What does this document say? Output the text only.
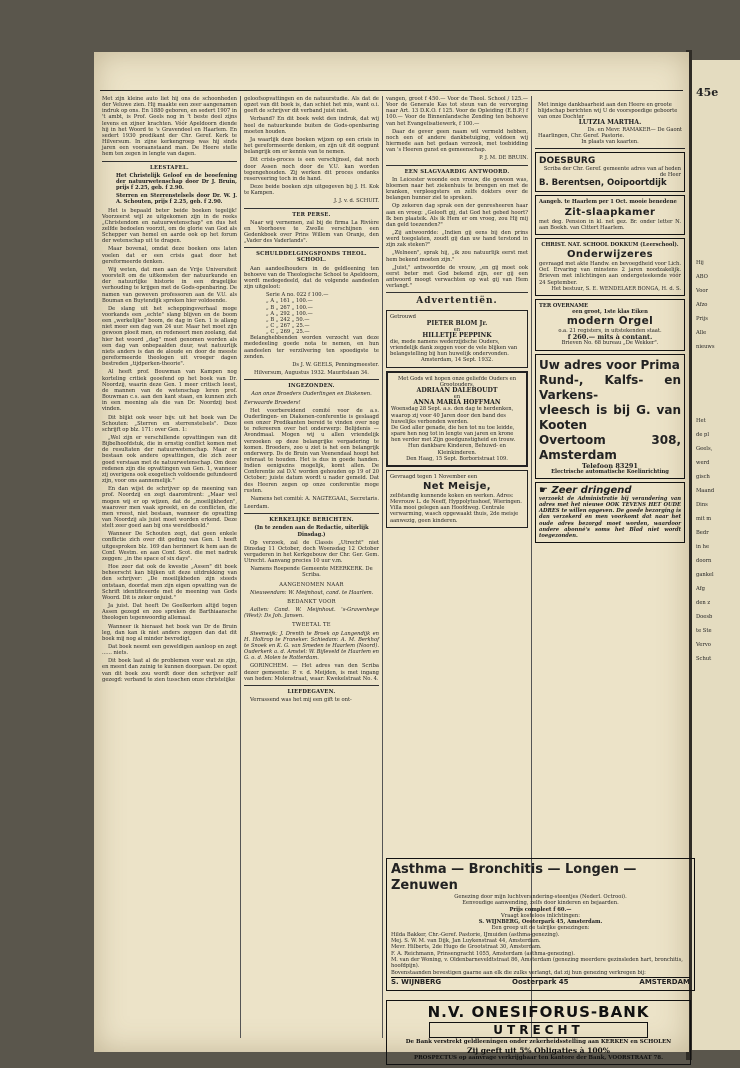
45e
Hij
ABO
Voor
Afzo
Prijs
Alle
nieuws
Het
de pl
Geels,
werd
gisch
Maand
Dins
mit m
Bedr
in he
doorn
gankel
Afg
den z
Doesb
te Ste
Vervo
Schut

Met zijn kleine auto liet hij ons de schoonheden der Veluwe zien. Hij maakte een zeer aangenamen indruk op ons. En 1880 geboren, en sedert 1907 in 't ambt, is Prof. Geels nog in 't beste deel zijns levens en zijner krachten. Vóór Apeldoorn diende hij in het Woord te 's Gravendeel en Haarlem. En sedert 1930 predikant der Chr. Geref. Kerk te Hilversum. In zijne kerkengroep was hij sinds jaren een vooraanstaand man. De Heere stelle hem ten zegen in lengte van dagen.

LEESTAFEL.

Het Christelijk Geloof en de beoefening der natuurwetenschap door Dr J. Bruin, prijs f 2.25, geb. f 2.90.

Sterren en Sterrenstelsels door Dr. W. J. A. Schouten, prijs f 2.25, geb. f 2.90.

Het is bepaald beter beide boeken tegelijk! Voorzeerst wijl ze uitgekomen zijn in de reeks „Christendom en natuurwetenschap" en dus het zelfde bedoelen voorzit, om de glorie van God als Schepper van hemel en aarde ook op het forum der wetenschap uit te dragen.

Maar bovenal, omdat deze boeken ons laten voelen dat er een crisis gaat door het gereformeerde denken.

Wij weten, dat men aan de Vrije Universiteit voorstelt om de uitkomsten der natuurkunde en der natuurlijke historie in een dragelijke verhouding te krijgen met de Gods-openbaring. De namen van geweven professoren aan de V.U. als Bouman en Buytendijk spreken hier voldoende.

De slang uit het scheppingsverhaal moge voorkands een „echte" slang blijven en de boom een „werkelijke" boom, de dag in Gen. 1 is allang niet meer een dag van 24 uur. Maar het moet zijn gewoon ploeit men, en redeneert men zoolang, dat hier het woord „dag" moet genomen worden als een dag van onbepaalden duur, wat natuurlijk niets anders is dan de aloude en door de meeste gereformeerde theologen uit vroeger dagen bestreden „tijdperken-theorie".

Al heeft prof. Bouwman van Kampen nog korteling critiek geoefend op het boek van Dr. Noordzij, waarin deze Gen. 1 meer critisch leest, de mannen van de wetenschap leren prof. Bouwman c.s. aan den kant staan, en kunnen zich in een meening als die van Dr. Noordzij best vinden.

Dit blijkt ook weer bijv. uit het boek van De Schouten: „Sterren en sterrenstelsels". Deze schrijft op blz. 171: over Gen. 1:

„Wel zijn er verschillende opvattingen van dit Bijbelhoofdstuk, die in ernstig conflict komen met de resultaten der natuurwetenschap. Maar er bestaan ook andere opvattingen, die zich zeer goed verstaan met de natuurwetenschap. Om deze redenen zijn die opvattingen van Gen. 1, wanneer zij overigens ook exegetisch voldoende gefundeerd zijn, voor ons aannemelijk."

En dan wijst de schrijver op de meening van prof. Noordzij en zegt daaromtrent: „Maar wel mogen wij er op wijzen, dat de „moeilijkheden", waarover men vaak spreekt, en de conflicten, die men vreest, niet bestaan, wanneer de opvatting van Noordzij als juist moet worden erkend. Deze stelt zeer goed aan bij ons wereldbeeld."

Wanneer De Schouten zegt, dat geen enkele conflictie zich over dit geding van Gen. 1 heeft uitgesproken blz. 169 dan herinnert ik hem aan de Conf. Westm. en aan Conf. Scot. die met nadruk zeggen: „in the space of six days".

Hoe zeer dat ook de kwestie „Assen" dit boek beheerscht kan blijken uit deze uitdrukking van den schrijver: „De moeilijkheden zijn steeds ontstaan, doordat men zijn eigen opvatting van de Schrift identificeerde met de meening van Gods Woord. Dit is zeker onjuist."

Ja juist. Dat heeft De Geelkerken altijd tegen Assen gezegd en zoo spreken de Barthiaansche theologen tegenwoordig allemaal.

Wanneer ik hieraast het boek van Dr de Bruin leg, dan kan ik niet anders zeggen dan dat dit boek mij nog al minder bevredigt.

Dat boek neemt een geweldigen aanloop en zegt ...... niets.

Dit boek laat al de problemen voor wat ze zijn, en meent dan zuinig te kunnen doorgaan. De opzet van dit boek zou wordt door den schrijver zelf gezegd: verband te zien tusschen onze christelijke

geloofsopvattingen en de natuurstudie. Als dat de opzet van dit boek is, dan schiet het mis, want o.i. geeft de schrijver dit verband juist niet.

Verband? En dit boek wekt den indruk, dat wij heel de natuurkunde buiten de Gods-openbaring moeten houden.

Ja waarlijk deze boeken wijzen op een crisis in het gereformeerde denken, en zijn uit dit oogpunt belangrijk om er kennis van te nemen.

Dit crisis-proces is een verschijnsel, dat noch door Assen noch door de V.U. kan worden tegengehouden. Zij werken dit proces ondanks reserveering toch in de hand.

Deze beide boeken zijn uitgegeven bij J. H. Kok te Kampen.

J. J. v. d. SCHUIT.

TER PERSE.

Naar wij vernemen, zal bij de firma La Rivière en Voorhoeve te Zwolle verschijnen een Gedenkboek over Prins Willem van Oranje, den „Vader des Vaderlands".

SCHULDDELGINGSFONDS THEOL. SCHOOL.

Aan aandeelhouders in de geldleening ten behoeve van de Theologische School te Apeldoorn, wordt medegedeeld, dat de volgende aandeelen zijn uitgeloot:

Serie A no. 022 f 100.—
„ A „ 161 „ 100.—
„ B „ 267 „ 100.—
„ A „ 292 „ 100.—
„ B „ 242 „ 50.—
„ C „ 267 „ 25.—
„ C „ 269 „ 25.—

Belanghebbenden worden verzocht van deze mededeeling goede nota te nemen, en hun aandeelen ter verzilvering ten spoedigste te zenden.

Ds J. W. GEELS, Penningmeester.

Hilversum, Augustus 1932. Mauritslaan 34.

INGEZONDEN.

Aan onze Broeders Ouderlingen en Diakenen.

Eerwaarde Broeders!

Het voorbereidend comité voor de a.s. Ouderlingen- en Diakenen-conferentie is geslaagd een onzer Predikanten bereid te vinden over nog te refereeren over het onderwerp: Belijdenis — Avondmaal. Mogen wij u allen vriendelijk verzoeken op deze belangrijke vergadering te komen. Broeders, zoo u ziet is het een belangrijk onderwerp. Ds de Bruin van Veenendaal hoopt het referaat te houden. Het is dus in goede handen. Indien eenigszins mogelijk, komt allen. De Conferentie zal D.V. worden gehouden op 19 of 20 October; juiste datum wordt u nader gemeld. Dat des Heeren zegen op onze conferentie moge rusten.

Namens het comité: A. NAGTEGAAL, Secretaris.

Leerdam.

KERKELIJKE BERICHTEN.

(In te zenden aan de Redactie, uiterlijk Dinsdag.)

Op verzoek, zal de Classis „Utrecht" niet Dinsdag 11 October, doch Woensdag 12 October vergaderen in het Kerkgebouw der Chr. Ger. Gem. Utrecht. Aanvang precies 10 uur v.m.

Namens Roepende Gemeente MEERKERK. De Scriba.

AANGENOMEN NAAR

Nieuwendam: W. Meijnhout, cand. te Haarlem.

BEDANKT VOOR

Aalten: Cand. W. Meijnhout. 's-Gravenhege (West): Ds Joh. Jansen.

TWEETAL TE

Steenwijk: J. Drenth te Broek op Langendijk en H. Holtrop te Franeker. Schiedam: A. M. Berkhof te Snoek en K. G. van Smeden te Haarlem (Noord). Ouderkerk a. d. Amstel: W. Bijleveld te Haarlem en G. o. d. Molen te Rotterdam.

GORINCHEM. — Het adres van den Scriba dezer gemeente: P. v. d. Meijden, is met ingang van heden: Molenstraat, waar: Kwekelstraat No. 4.

LIEFDEGAVEN.

Verrassend was het mij een gift te ont-

vangen, groot f 450.— Voor de Theol. School / 125.— Voor de Generale Kas tot steun van de vervorging naar Art. 13 D.K.O. f 125. Voor de Opleiding (E.B.P.) f 100.— Voor de Binnenlandsche Zending ten behoeve van het Evangelisatiewerk, f 100.—

Daar de gever geen naam wil vermeld hebben, noch een of andere dankbetuiging, voldoen wij hiermede aan het gedaan verzoek, met toebidding van 's Heeren gunst en gemeenschap.

P. J. M. DE BRUIN.

EEN SLAGVAARDIG ANTWOORD.

In Leicester woonde een vrouw, die gewoon was, bloemen naar het ziekenhuis te brengen en met de kranken, verpleegsters en zelfs dokters over de belangen hunner ziel te spreken.

Op zekeren dag sprak een der genresheeren haar aan en vroeg: „Gelooft gij, dat God het gebed hoort? Ik ben plaatsik. Als ik Hem er om vroeg, zou Hij mij dan geld toezenden?"

„Zij antwoordde: „Indien gij eens bij den prins werd toegelaten, zoudt gij dan uw hand terstond in zijn zak steken?"

„Welneen", sprak hij, „ik zou natuurlijk eerst met hem bekend moeten zijn."

„Juist," antwoordde de vrouw, „en gij moet ook eerst beter met God bekend zijn, eer gij een antwoord moogt verwachten op wat gij van Hem verlangt."

Advertentiën.
Getrouwd
PIETER BLOM Jr.
en
HILLETJE PEPPINK
die, mede namens wederzijdsche Ouders, vriendelijk dank zeggen voor de vele blijken van belangstelling bij hun huwelijk ondervonden.
Amsterdam, 14 Sept. 1932.
Met Gods wil hopen onze geliefde Ouders en Grootouders,
ADRIAAN DALEBOUDT
en
ANNA MARIA HOFFMAN
Woensdag 28 Sept. a.s. den dag te herdenken, waarop zij voor 40 Jaren door den band des huwelijks verbonden werden.
De God aller genade, die hen tot nu toe leidde, spare hen nog tot in lengte van jaren en krone hen verder met Zijn goedgunstigheid en trouw.
Hun dankbare Kinderen, Behuwd- en Kleinkinderen.
Den Haag, 15 Sept. Borboristraat 109.
Gevraagd tegen 1 November een
Net Meisje,
zelfstandig kunnende koken en werken. Adres: Mevrouw L. de Neeff, Hyppolytushoef, Wieringen. Villa mooi gelegen aan Hoofdweg. Centrale verwarming, wasch opgewaakt thuis, 2de meisje aanwezig, geen kinderen.
Met innige dankbaarheid aan den Heere en groote blijdschap berichten wij U de voorspoedige geboorte van onze Dochter
LUTZIA MARTHA.
Ds. en Mevr. RAMAKER— De Gaont
Haarlingen, Chr. Geref. Pastorie.
In plaats van kaarten.
DOESBURG
Scriba der Chr. Geref. gemeente adres van af heden de Heer
B. Berentsen, Ooipoortdijk
Aangeb. te Haarlem per 1 Oct. mooie benedene
Zit-slaapkamer
met deg. Pension in kl. net gez. Br. onder letter N. aan Boekh. van Cittert Haarlem.
CHRIST. NAT. SCHOOL DOKKUM (Leerschool).
Onderwijzeres
gevraagd met akte Handw. en bevoegdheid voor Lich. Oef. Ervaring van minstens 2 jaren noodzakelijk. Brieven met inlichtingen aan ondergeteekende vóór 24 September.
Het bestuur, S. E. WENDELAER BONGA, H. d. S.
TER OVERNAME
een groot, 1ste klas Eiken
modern Orgel
o.a. 21 registers, in uitstekenden staat.
f 260.— mits à contant.
Brieven No. 68 bureau „De Wekker".
Uw adres voor Prima
Rund-, Kalfs- en Varkens-
vleesch is bij G. van Kooten
Overtoom 308, Amsterdam
Telefoon 83291
Electrische automatische Koelinrichting
☛ Zeer dringend
verzoekt de Administratie bij verandering van adres met het nieuwe OOK TEVENS HET OUDE ADRES te willen opgeven. De goede bezorging is dan verzekerd en men voorkomt dat naar het oude adres bezorgd moet worden, waardoor andere abonné's soms het Blad niet wordt toegezonden.
Asthma — Bronchitis — Longen — Zenuwen
Genezing door mijn luchtverandering-steentjes (Nederl. Octrooi).
Eenvoudige aanwending, zelfs door kinderen en bejaarden.
Prijs compleet f 60.—
Vraagt kosteloos inlichtingen:
S. WIJNBERG, Oosterpark 45, Amsterdam.
Een greep uit de talrijke genezingen:
Hilda Bakker, Chr.-Geref. Pastorie, IJmuiden (asthma-genezing).
Mej. S. W. M. van Dijk, Jan Luykenstraat 44, Amsterdam.
Mevr. Hilberts, 2de Hugo de Grootstraat 30, Amsterdam.
F. A. Reichmann, Prinsengracht 1055, Amsterdam (asthma-genezing).
M. van der Woning, v. Oldenbarneveldtstraat 86, Amsterdam (genezing meerdere gezinsleden hart, bronchitis, hoofdpijn).
Bovenstaanden bevestigen gaarne aan elk die zulks verlangt, dat zij hun genezing verkregen bij:
S. WIJNBERG	Oosterpark 45	AMSTERDAM
N.V. ONESIFORUS-BANK
UTRECHT
De Bank verstrekt geldleeningen onder zekerheidsstelling aan KERKEN en SCHOLEN
Zij geeft uit 5% Obligaties à 100%
PROSPECTUS op aanvrage verkrijgbaar ten kantore der Bank, VOORSTRAAT 78.
